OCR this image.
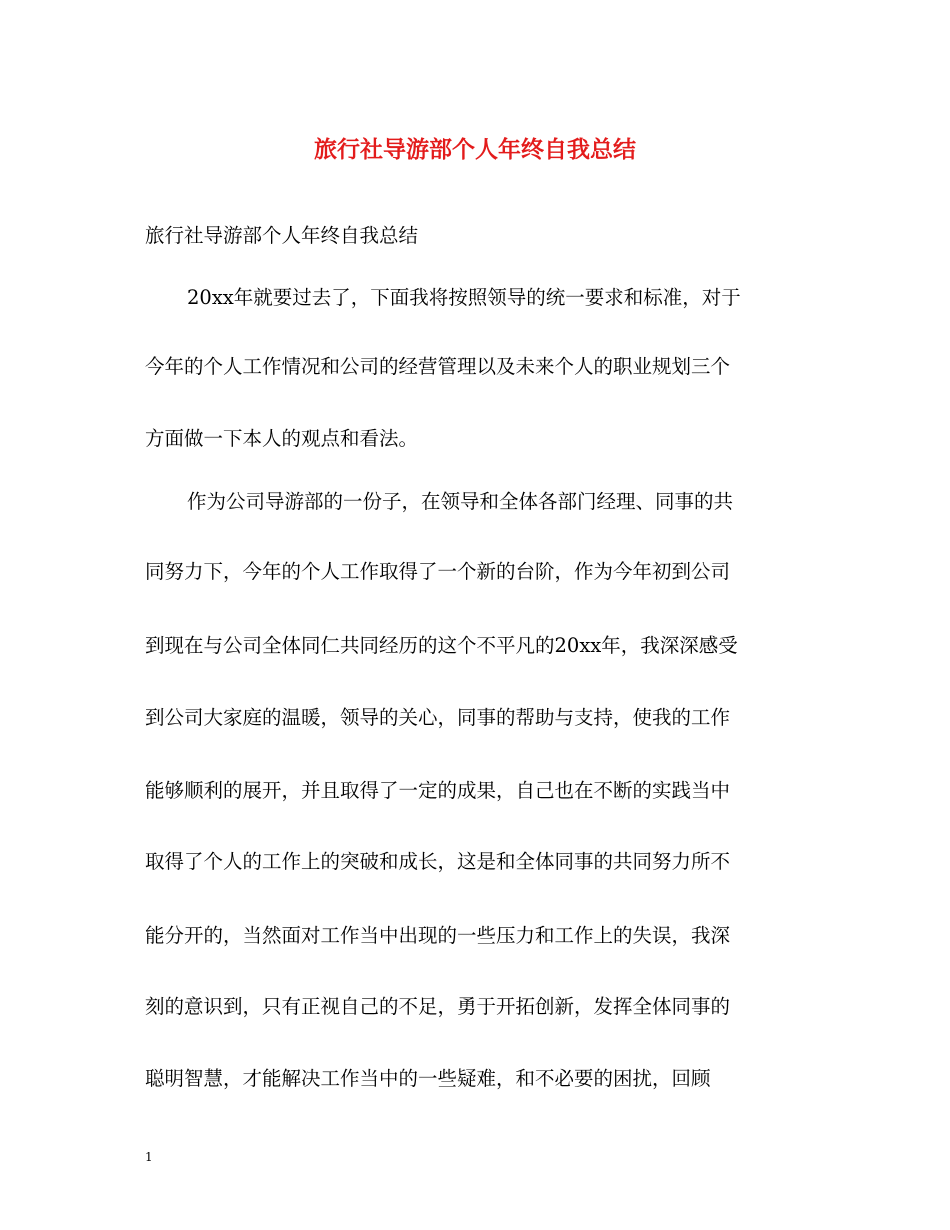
旅行社导游部个人年终自我总结
旅行社导游部个人年终自我总结
20xx年就要过去了，下面我将按照领导的统一要求和标准，对于
今年的个人工作情况和公司的经营管理以及未来个人的职业规划三个
方面做一下本人的观点和看法。
作为公司导游部的一份子，在领导和全体各部门经理、同事的共
同努力下，今年的个人工作取得了一个新的台阶，作为今年初到公司
到现在与公司全体同仁共同经历的这个不平凡的20xx年，我深深感受
到公司大家庭的温暖，领导的关心，同事的帮助与支持，使我的工作
能够顺利的展开，并且取得了一定的成果，自己也在不断的实践当中
取得了个人的工作上的突破和成长，这是和全体同事的共同努力所不
能分开的，当然面对工作当中出现的一些压力和工作上的失误，我深
刻的意识到，只有正视自己的不足，勇于开拓创新，发挥全体同事的
聪明智慧，才能解决工作当中的一些疑难，和不必要的困扰，回顾
1
